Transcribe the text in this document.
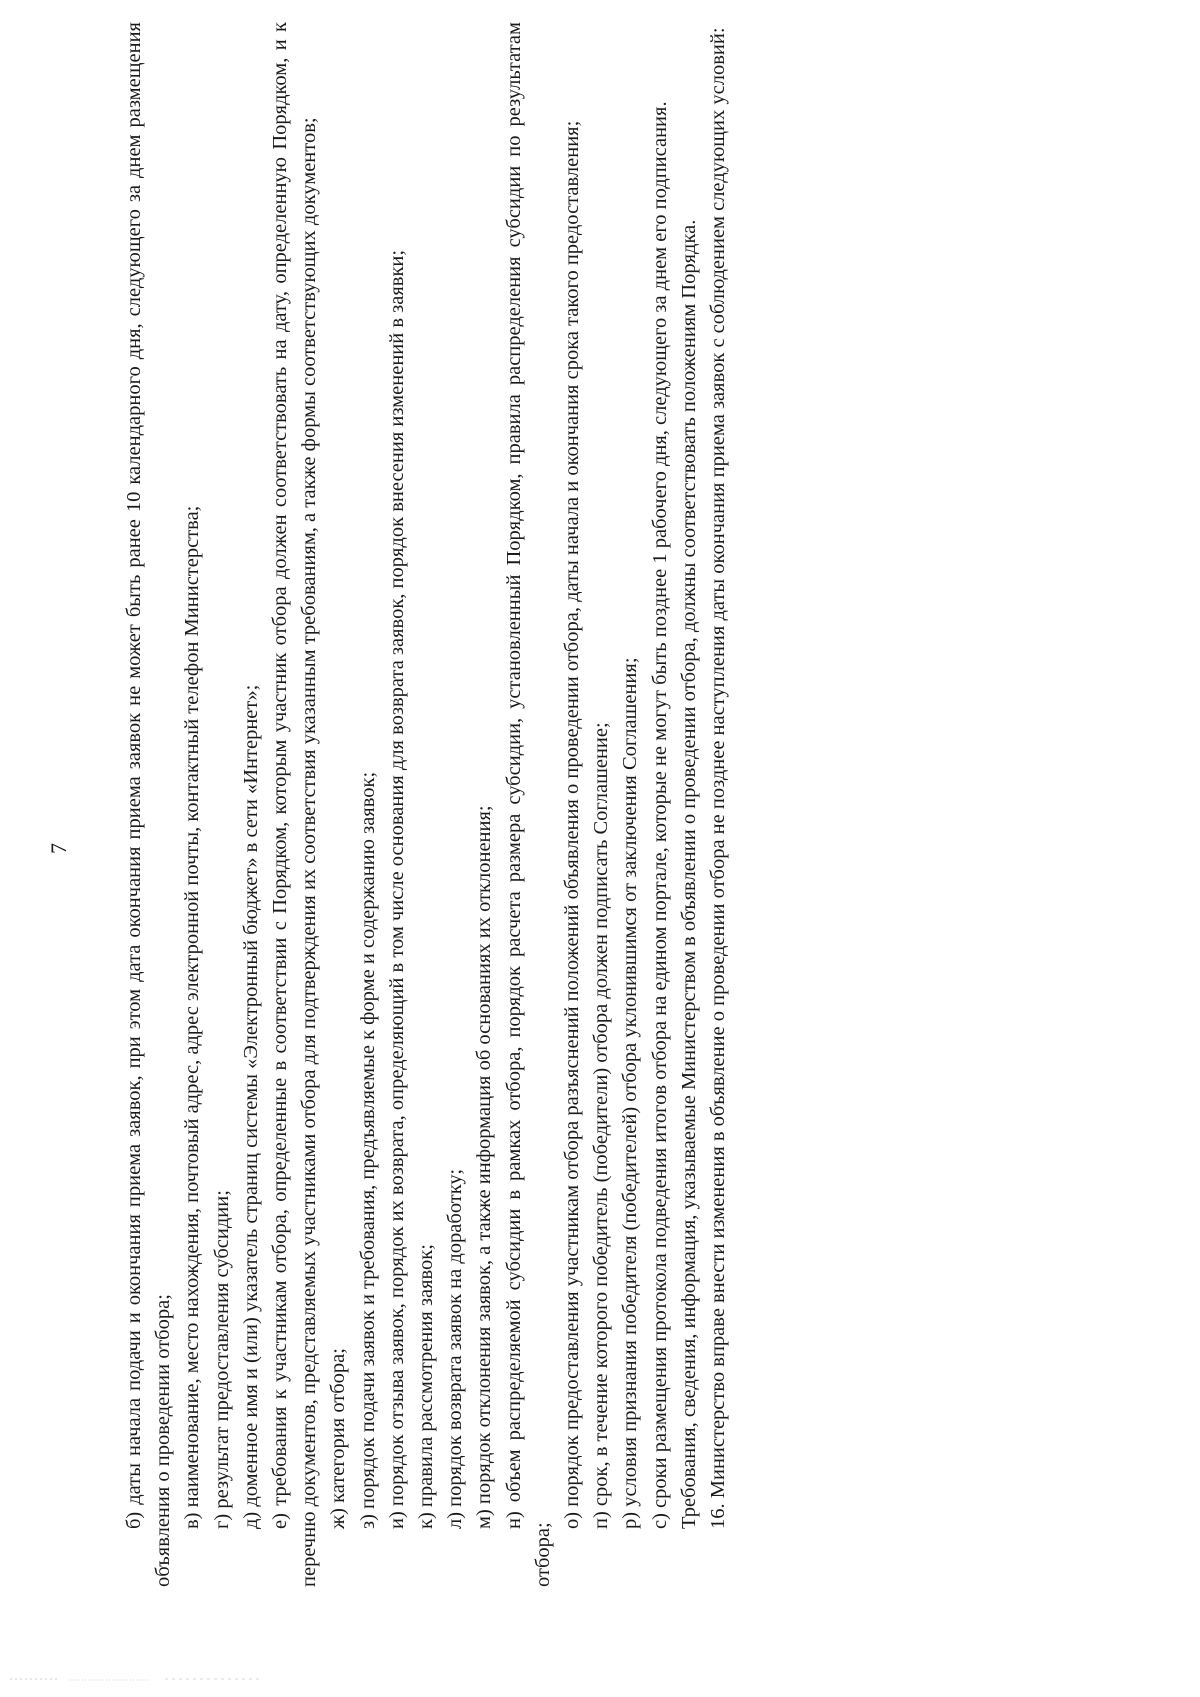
7	б) даты начала подачи и окончания приема заявок, при этом дата окончания приема заявок не может быть ранее 10 календарного дня, следующего за днем размещения объявления о проведении отбора; в) наименование, место нахождения, почтовый адрес, адрес электронной почты, контактный телефон Министерства; г) результат предоставления субсидии; д) доменное имя и (или) указатель страниц системы «Электронный бюджет» в сети «Интернет»; е) требования к участникам отбора, определенные в соответствии с Порядком, которым участник отбора должен соответствовать на дату, определенную Порядком, и к перечню документов, представляемых участниками отбора для подтверждения их соответствия указанным требованиям, а также формы соответствующих документов; ж) категория отбора; з) порядок подачи заявок и требования, предъявляемые к форме и содержанию заявок; и) порядок отзыва заявок, порядок их возврата, определяющий в том числе основания для возврата заявок, порядок внесения изменений в заявки; к) правила рассмотрения заявок; л) порядок возврата заявок на доработку; м) порядок отклонения заявок, а также информация об основаниях их отклонения; н) объем распределяемой субсидии в рамках отбора, порядок расчета размера субсидии, установленный Порядком, правила распределения субсидии по результатам отбора;

о) порядок предоставления участникам отбора разъяснений положений объявления о проведении отбора, даты начала и окончания срока такого предоставления; п) срок, в течение которого победитель (победители) отбора должен подписать Соглашение; р) условия признания победителя (победителей) отбора уклонившимся от заключения Соглашения; с) сроки размещения протокола подведения итогов отбора на едином портале, которые не могут быть позднее 1 рабочего дня, следующего за днем его подписания. Требования, сведения, информация, указываемые Министерством в объявлении о проведении отбора, должны соответствовать положениям Порядка. 16. Министерство вправе внести изменения в объявление о проведении отбора не позднее наступления даты окончания приема заявок с соблюдением следующих условий:
